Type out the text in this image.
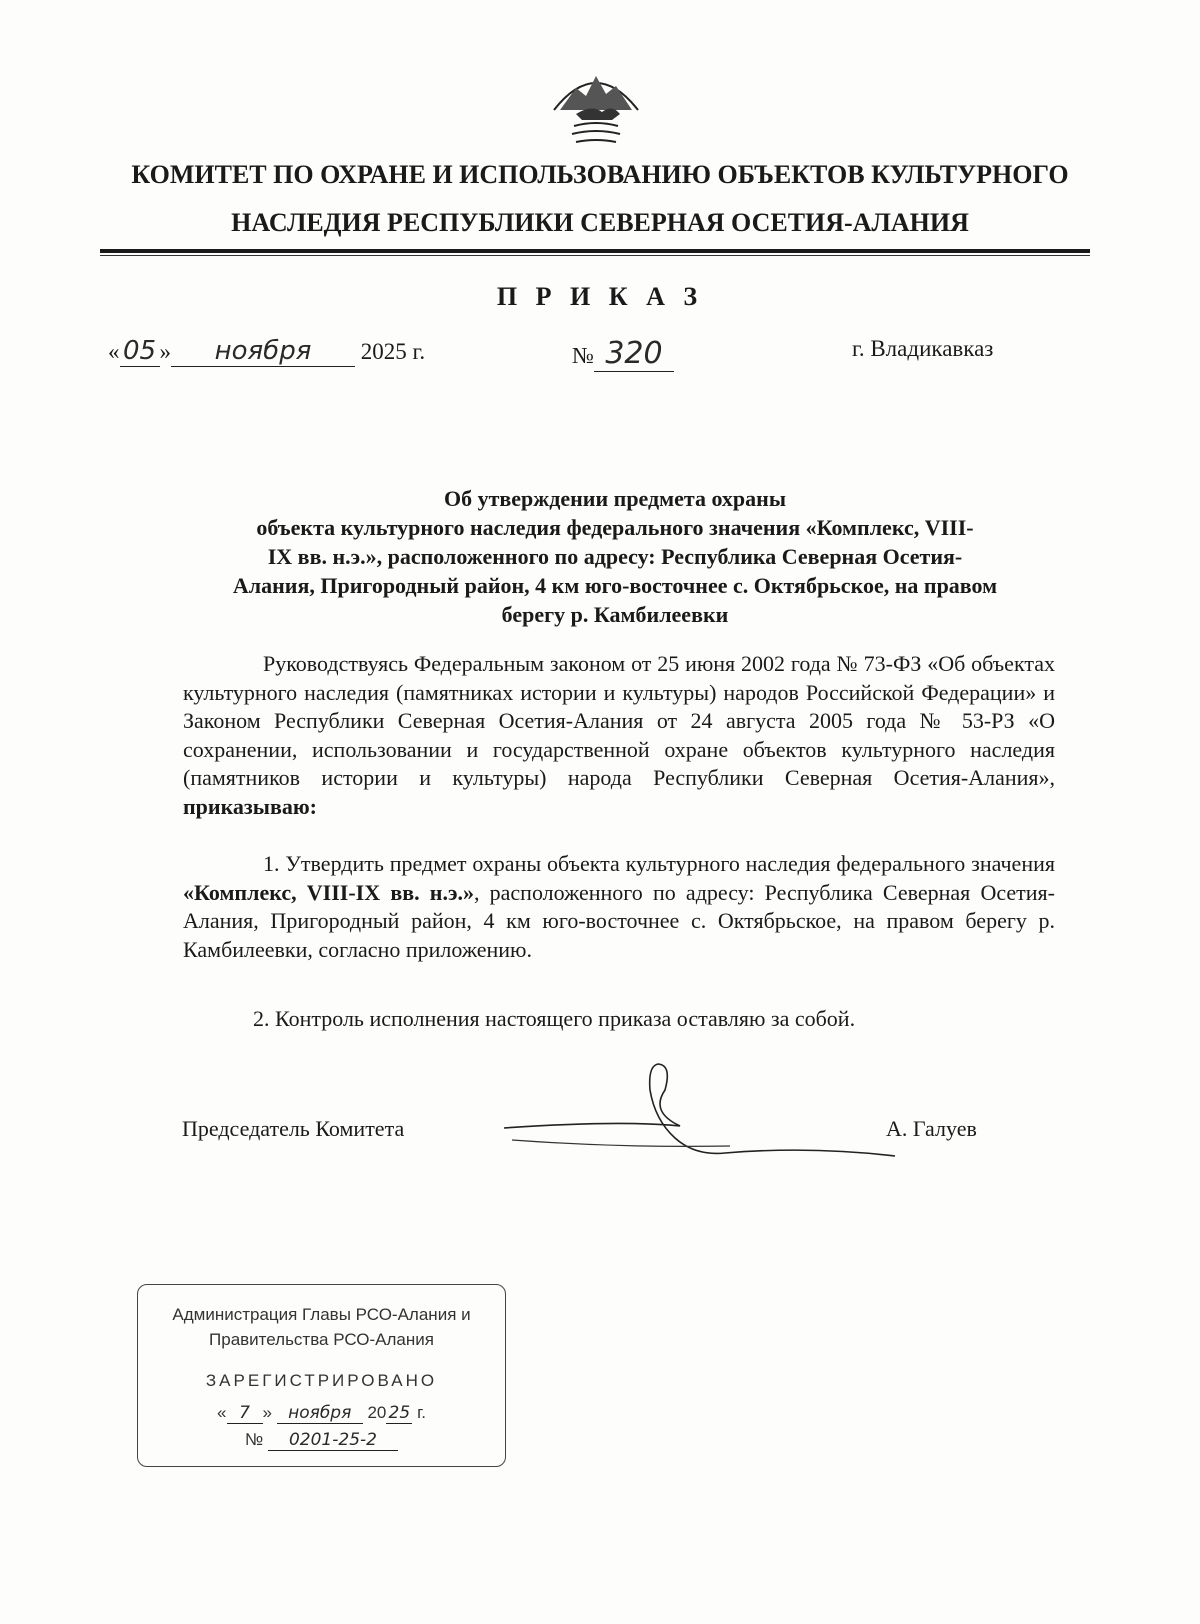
КОМИТЕТ ПО ОХРАНЕ И ИСПОЛЬЗОВАНИЮ ОБЪЕКТОВ КУЛЬТУРНОГО
НАСЛЕДИЯ РЕСПУБЛИКИ СЕВЕРНАЯ ОСЕТИЯ-АЛАНИЯ
П Р И К А З
« 05 » ноября 2025 г.	№ 320	г. Владикавказ
Об утверждении предмета охраны
объекта культурного наследия федерального значения «Комплекс, VIII-
IX вв. н.э.», расположенного по адресу: Республика Северная Осетия-
Алания, Пригородный район, 4 км юго-восточнее с. Октябрьское, на правом
берегу р. Камбилеевки
Руководствуясь Федеральным законом от 25 июня 2002 года № 73-ФЗ «Об объектах культурного наследия (памятниках истории и культуры) народов Российской Федерации» и Законом Республики Северная Осетия-Алания от 24 августа 2005 года № 53-РЗ «О сохранении, использовании и государственной охране объектов культурного наследия (памятников истории и культуры) народа Республики Северная Осетия-Алания», приказываю:
1. Утвердить предмет охраны объекта культурного наследия федерального значения «Комплекс, VIII-IX вв. н.э.», расположенного по адресу: Республика Северная Осетия-Алания, Пригородный район, 4 км юго-восточнее с. Октябрьское, на правом берегу р. Камбилеевки, согласно приложению.
2. Контроль исполнения настоящего приказа оставляю за собой.
Председатель Комитета	А. Галуев
Администрация Главы РСО-Алания и
Правительства РСО-Алания
ЗАРЕГИСТРИРОВАНО
« 7 » ноября 20 25 г.
№ 0201-25-2
